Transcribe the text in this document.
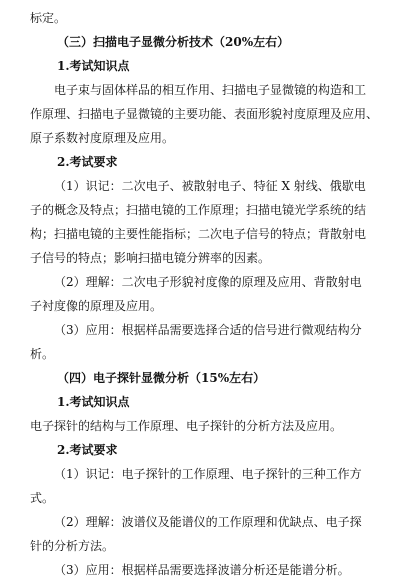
标定。
（三）扫描电子显微分析技术（20%左右）
1.考试知识点
电子束与固体样品的相互作用、扫描电子显微镜的构造和工
作原理、扫描电子显微镜的主要功能、表面形貌衬度原理及应用、
原子系数衬度原理及应用。
2.考试要求
（1）识记：二次电子、被散射电子、特征 X 射线、俄歇电
子的概念及特点；扫描电镜的工作原理；扫描电镜光学系统的结
构；扫描电镜的主要性能指标；二次电子信号的特点；背散射电
子信号的特点；影响扫描电镜分辨率的因素。
（2）理解：二次电子形貌衬度像的原理及应用、背散射电
子衬度像的原理及应用。
（3）应用：根据样品需要选择合适的信号进行微观结构分
析。
（四）电子探针显微分析（15%左右）
1.考试知识点
电子探针的结构与工作原理、电子探针的分析方法及应用。
2.考试要求
（1）识记：电子探针的工作原理、电子探针的三种工作方
式。
（2）理解：波谱仪及能谱仪的工作原理和优缺点、电子探
针的分析方法。
（3）应用：根据样品需要选择波谱分析还是能谱分析。
